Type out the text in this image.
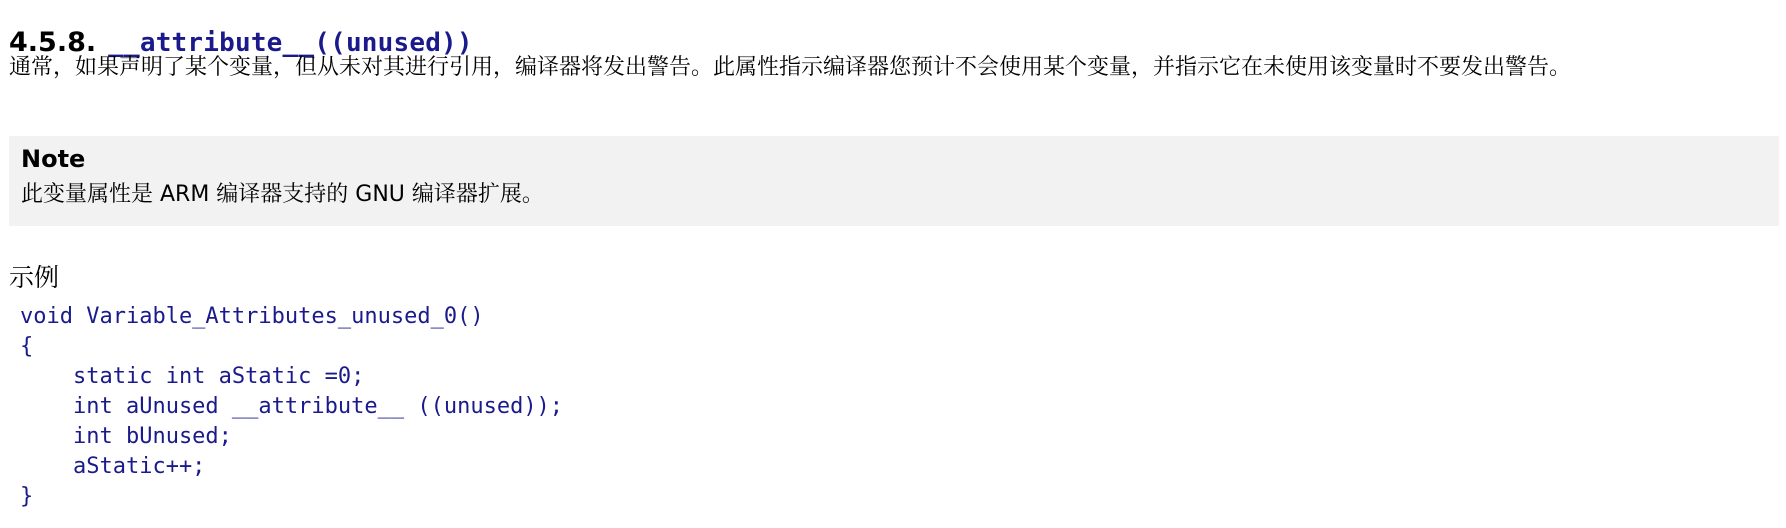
4.5.8. __attribute__((unused))

通常，如果声明了某个变量，但从未对其进行引用，编译器将发出警告。此属性指示编译器您预计不会使用某个变量，并指示它在未使用该变量时不要发出警告。

Note

此变量属性是 ARM 编译器支持的 GNU 编译器扩展。

示例

void Variable_Attributes_unused_0()
{
static int aStatic =0;
int aUnused __attribute__ ((unused));
int bUnused;
aStatic++;
}
